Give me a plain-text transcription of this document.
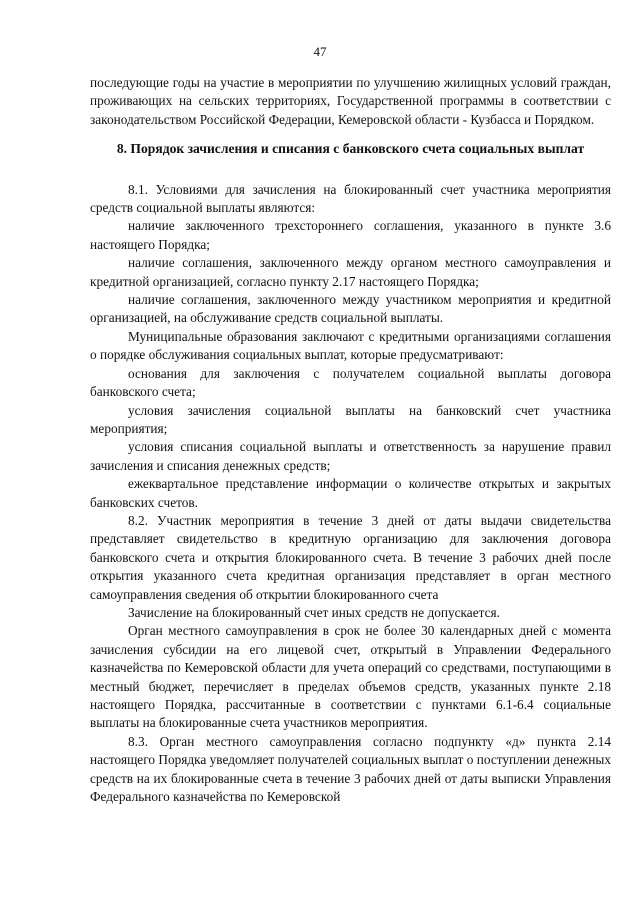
47

последующие годы на участие в мероприятии по улучшению жилищных условий граждан, проживающих на сельских территориях, Государственной программы в соответствии с законодательством Российской Федерации, Кемеровской области - Кузбасса и Порядком.

8. Порядок зачисления и списания с банковского счета социальных выплат

8.1. Условиями для зачисления на блокированный счет участника мероприятия средств социальной выплаты являются:

наличие заключенного трехстороннего соглашения, указанного в пункте 3.6 настоящего Порядка;

наличие соглашения, заключенного между органом местного самоуправления и кредитной организацией, согласно пункту 2.17 настоящего Порядка;

наличие соглашения, заключенного между участником мероприятия и кредитной организацией, на обслуживание средств социальной выплаты.

Муниципальные образования заключают с кредитными организациями соглашения о порядке обслуживания социальных выплат, которые предусматривают:

основания для заключения с получателем социальной выплаты договора банковского счета;

условия зачисления социальной выплаты на банковский счет участника мероприятия;

условия списания социальной выплаты и ответственность за нарушение правил зачисления и списания денежных средств;

ежеквартальное представление информации о количестве открытых и закрытых банковских счетов.

8.2. Участник мероприятия в течение 3 дней от даты выдачи свидетельства представляет свидетельство в кредитную организацию для заключения договора банковского счета и открытия блокированного счета. В течение 3 рабочих дней после открытия указанного счета кредитная организация представляет в орган местного самоуправления сведения об открытии блокированного счета

Зачисление на блокированный счет иных средств не допускается.

Орган местного самоуправления в срок не более 30 календарных дней с момента зачисления субсидии на его лицевой счет, открытый в Управлении Федерального казначейства по Кемеровской области для учета операций со средствами, поступающими в местный бюджет, перечисляет в пределах объемов средств, указанных пункте 2.18 настоящего Порядка, рассчитанные в соответствии с пунктами 6.1-6.4 социальные выплаты на блокированные счета участников мероприятия.

8.3. Орган местного самоуправления согласно подпункту «д» пункта 2.14 настоящего Порядка уведомляет получателей социальных выплат о поступлении денежных средств на их блокированные счета в течение 3 рабочих дней от даты выписки Управления Федерального казначейства по Кемеровской
